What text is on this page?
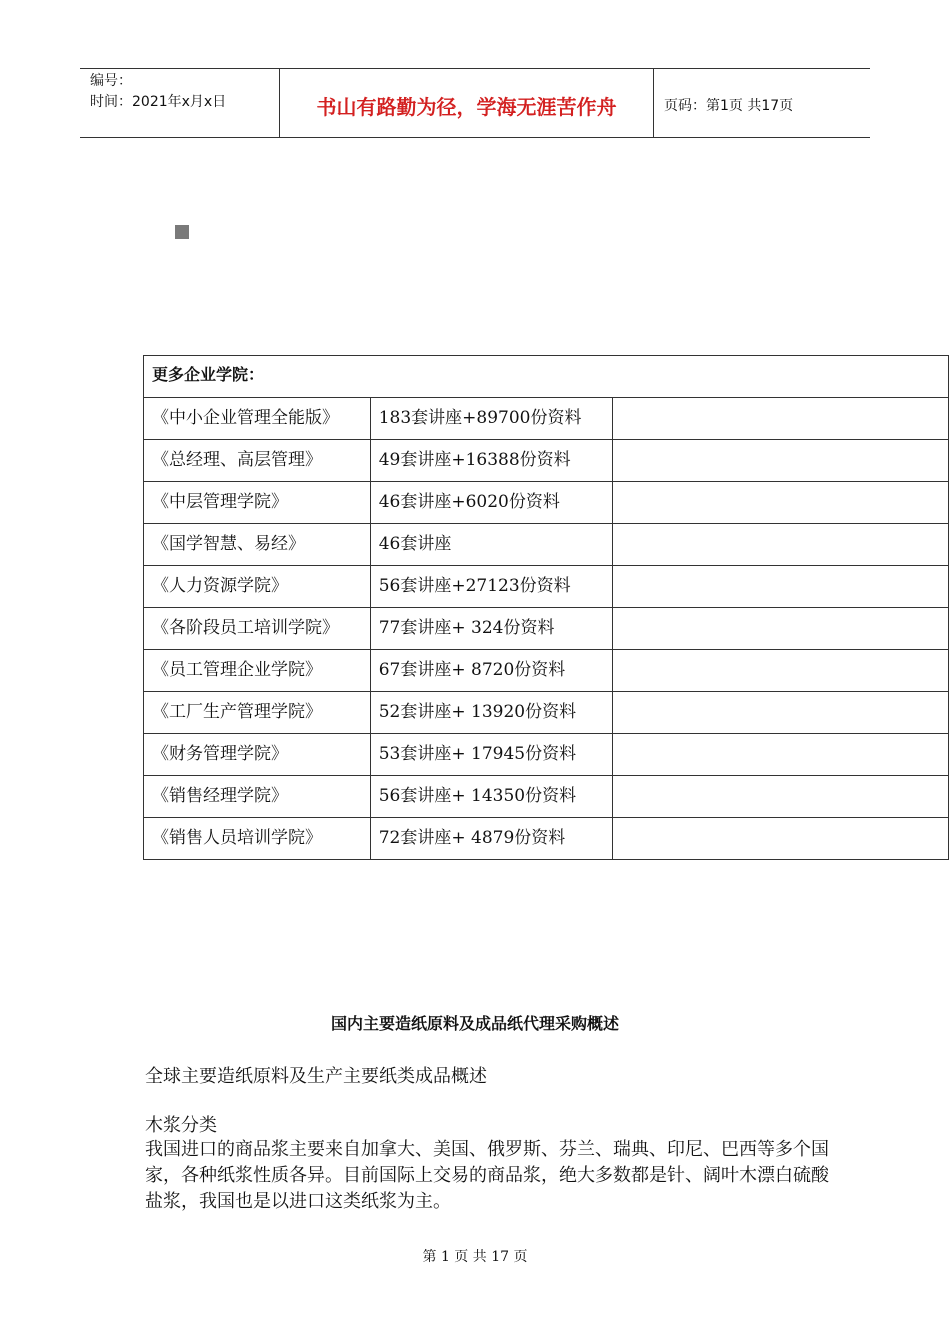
编号：
时间：2021年x月x日	书山有路勤为径，学海无涯苦作舟	页码：第1页 共17页
更多企业学院：		
《中小企业管理全能版》	183套讲座+89700份资料	
《总经理、高层管理》	49套讲座+16388份资料	
《中层管理学院》	46套讲座+6020份资料	
《国学智慧、易经》	46套讲座	
《人力资源学院》	56套讲座+27123份资料	
《各阶段员工培训学院》	77套讲座+ 324份资料	
《员工管理企业学院》	67套讲座+ 8720份资料	
《工厂生产管理学院》	52套讲座+ 13920份资料	
《财务管理学院》	53套讲座+ 17945份资料	
《销售经理学院》	56套讲座+ 14350份资料	
《销售人员培训学院》	72套讲座+ 4879份资料	
国内主要造纸原料及成品纸代理采购概述
全球主要造纸原料及生产主要纸类成品概述
木浆分类
我国进口的商品浆主要来自加拿大、美国、俄罗斯、芬兰、瑞典、印尼、巴西等多个国家，各种纸浆性质各异。目前国际上交易的商品浆，绝大多数都是针、阔叶木漂白硫酸盐浆，我国也是以进口这类纸浆为主。
第 1 页 共 17 页
